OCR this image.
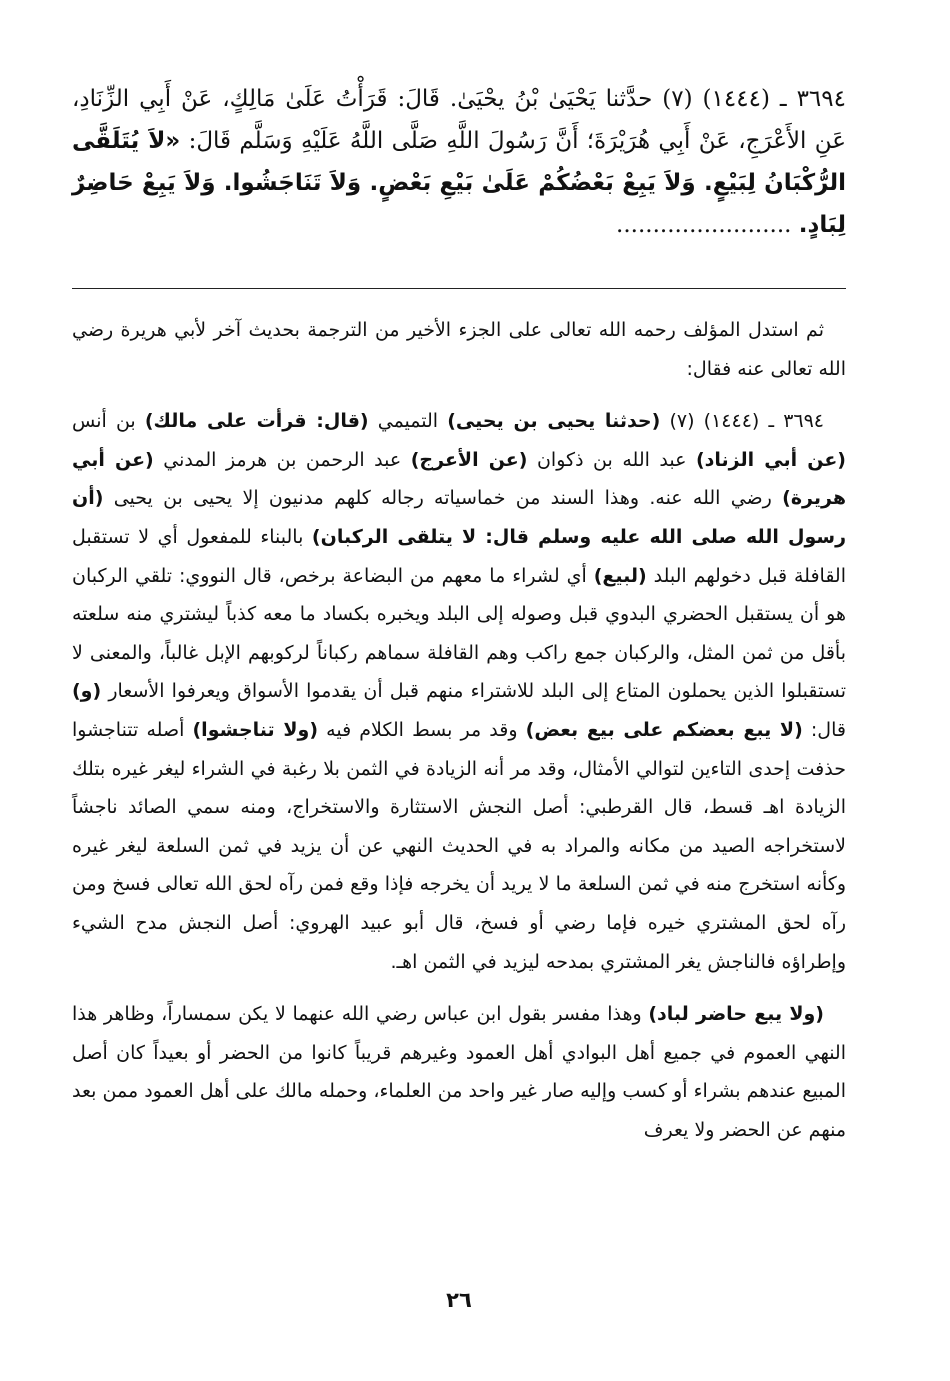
٣٦٩٤ ـ (١٤٤٤) (٧) حدَّثنا يَحْيَىٰ بْنُ يحْيَىٰ. قَالَ: قَرَأْتُ عَلَىٰ مَالِكٍ، عَنْ أَبِي الزِّنَادِ، عَنِ الأَعْرَجِ، عَنْ أَبِي هُرَيْرَةَ؛ أَنَّ رَسُولَ اللَّهِ صَلَّى اللَّهُ عَلَيْهِ وَسَلَّم قَالَ: «لاَ يُتَلَقَّى الرُّكْبَانُ لِبَيْعٍ. وَلاَ يَبِعْ بَعْضُكُمْ عَلَىٰ بَيْعِ بَعْضٍ. وَلاَ تَنَاجَشُوا. وَلاَ يَبِعْ حَاضِرٌ لِبَادٍ. ........................

ثم استدل المؤلف رحمه الله تعالى على الجزء الأخير من الترجمة بحديث آخر لأبي هريرة رضي الله تعالى عنه فقال:

٣٦٩٤ ـ (١٤٤٤) (٧) (حدثنا يحيى بن يحيى) التميمي (قال: قرأت على مالك) بن أنس (عن أبي الزناد) عبد الله بن ذكوان (عن الأعرج) عبد الرحمن بن هرمز المدني (عن أبي هريرة) رضي الله عنه. وهذا السند من خماسياته رجاله كلهم مدنيون إلا يحيى بن يحيى (أن رسول الله صلى الله عليه وسلم قال: لا يتلقى الركبان) بالبناء للمفعول أي لا تستقبل القافلة قبل دخولهم البلد (لبيع) أي لشراء ما معهم من البضاعة برخص، قال النووي: تلقي الركبان هو أن يستقبل الحضري البدوي قبل وصوله إلى البلد ويخبره بكساد ما معه كذباً ليشتري منه سلعته بأقل من ثمن المثل، والركبان جمع راكب وهم القافلة سماهم ركباناً لركوبهم الإبل غالباً، والمعنى لا تستقبلوا الذين يحملون المتاع إلى البلد للاشتراء منهم قبل أن يقدموا الأسواق ويعرفوا الأسعار (و) قال: (لا يبع بعضكم على بيع بعض) وقد مر بسط الكلام فيه (ولا تناجشوا) أصله تتناجشوا حذفت إحدى التاءين لتوالي الأمثال، وقد مر أنه الزيادة في الثمن بلا رغبة في الشراء ليغر غيره بتلك الزيادة اهـ قسط، قال القرطبي: أصل النجش الاستثارة والاستخراج، ومنه سمي الصائد ناجشاً لاستخراجه الصيد من مكانه والمراد به في الحديث النهي عن أن يزيد في ثمن السلعة ليغر غيره وكأنه استخرج منه في ثمن السلعة ما لا يريد أن يخرجه فإذا وقع فمن رآه لحق الله تعالى فسخ ومن رآه لحق المشتري خيره فإما رضي أو فسخ، قال أبو عبيد الهروي: أصل النجش مدح الشيء وإطراؤه فالناجش يغر المشتري بمدحه ليزيد في الثمن اهـ.

(ولا يبع حاضر لباد) وهذا مفسر بقول ابن عباس رضي الله عنهما لا يكن سمساراً، وظاهر هذا النهي العموم في جميع أهل البوادي أهل العمود وغيرهم قريباً كانوا من الحضر أو بعيداً كان أصل المبيع عندهم بشراء أو كسب وإليه صار غير واحد من العلماء، وحمله مالك على أهل العمود ممن بعد منهم عن الحضر ولا يعرف

٢٦
